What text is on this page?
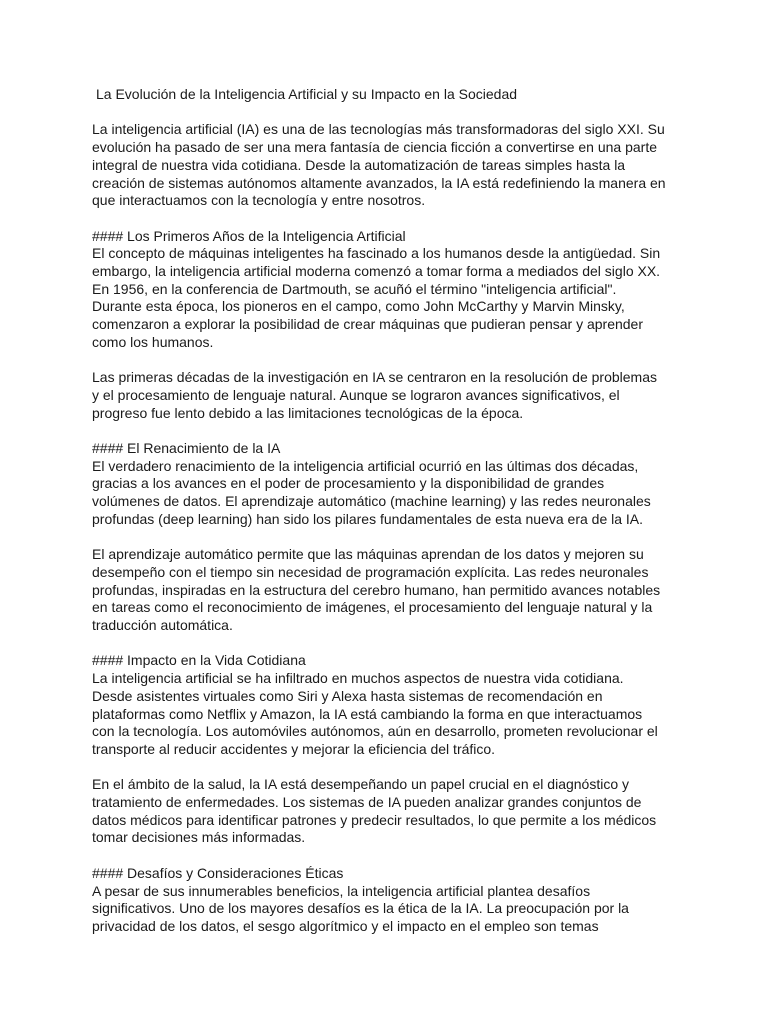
La Evolución de la Inteligencia Artificial y su Impacto en la Sociedad
La inteligencia artificial (IA) es una de las tecnologías más transformadoras del siglo XXI. Su
evolución ha pasado de ser una mera fantasía de ciencia ficción a convertirse en una parte
integral de nuestra vida cotidiana. Desde la automatización de tareas simples hasta la
creación de sistemas autónomos altamente avanzados, la IA está redefiniendo la manera en
que interactuamos con la tecnología y entre nosotros.
#### Los Primeros Años de la Inteligencia Artificial
El concepto de máquinas inteligentes ha fascinado a los humanos desde la antigüedad. Sin
embargo, la inteligencia artificial moderna comenzó a tomar forma a mediados del siglo XX.
En 1956, en la conferencia de Dartmouth, se acuñó el término "inteligencia artificial".
Durante esta época, los pioneros en el campo, como John McCarthy y Marvin Minsky,
comenzaron a explorar la posibilidad de crear máquinas que pudieran pensar y aprender
como los humanos.
Las primeras décadas de la investigación en IA se centraron en la resolución de problemas
y el procesamiento de lenguaje natural. Aunque se lograron avances significativos, el
progreso fue lento debido a las limitaciones tecnológicas de la época.
#### El Renacimiento de la IA
El verdadero renacimiento de la inteligencia artificial ocurrió en las últimas dos décadas,
gracias a los avances en el poder de procesamiento y la disponibilidad de grandes
volúmenes de datos. El aprendizaje automático (machine learning) y las redes neuronales
profundas (deep learning) han sido los pilares fundamentales de esta nueva era de la IA.
El aprendizaje automático permite que las máquinas aprendan de los datos y mejoren su
desempeño con el tiempo sin necesidad de programación explícita. Las redes neuronales
profundas, inspiradas en la estructura del cerebro humano, han permitido avances notables
en tareas como el reconocimiento de imágenes, el procesamiento del lenguaje natural y la
traducción automática.
#### Impacto en la Vida Cotidiana
La inteligencia artificial se ha infiltrado en muchos aspectos de nuestra vida cotidiana.
Desde asistentes virtuales como Siri y Alexa hasta sistemas de recomendación en
plataformas como Netflix y Amazon, la IA está cambiando la forma en que interactuamos
con la tecnología. Los automóviles autónomos, aún en desarrollo, prometen revolucionar el
transporte al reducir accidentes y mejorar la eficiencia del tráfico.
En el ámbito de la salud, la IA está desempeñando un papel crucial en el diagnóstico y
tratamiento de enfermedades. Los sistemas de IA pueden analizar grandes conjuntos de
datos médicos para identificar patrones y predecir resultados, lo que permite a los médicos
tomar decisiones más informadas.
#### Desafíos y Consideraciones Éticas
A pesar de sus innumerables beneficios, la inteligencia artificial plantea desafíos
significativos. Uno de los mayores desafíos es la ética de la IA. La preocupación por la
privacidad de los datos, el sesgo algorítmico y el impacto en el empleo son temas
